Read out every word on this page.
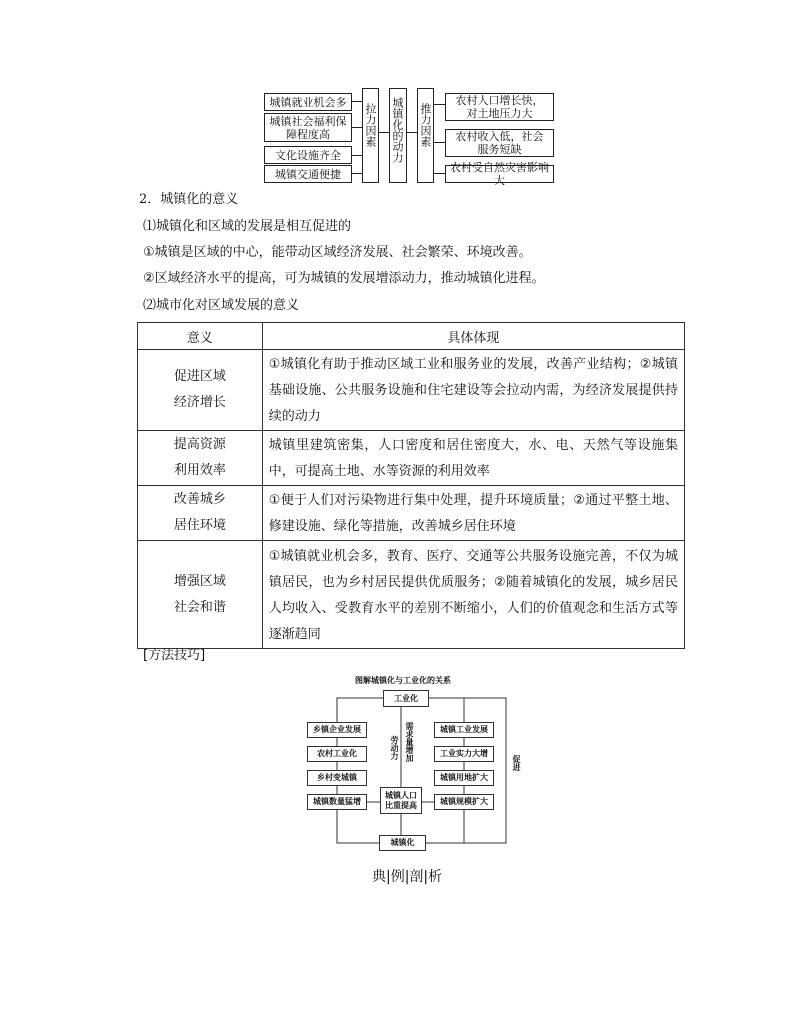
城镇就业机会多
城镇社会福利保障程度高
文化设施齐全
城镇交通便捷
拉力因素 城镇化的动力 推力因素
农村人口增长快，对土地压力大
农村收入低，社会服务短缺
农村受自然灾害影响大
2．城镇化的意义
⑴城镇化和区域的发展是相互促进的
①城镇是区域的中心，能带动区域经济发展、社会繁荣、环境改善。
②区域经济水平的提高，可为城镇的发展增添动力，推动城镇化进程。
⑵城市化对区域发展的意义
意义	具体体现

促进区域
经济增长	①城镇化有助于推动区域工业和服务业的发展，改善产业结构；②城镇基础设施、公共服务设施和住宅建设等会拉动内需，为经济发展提供持续的动力

提高资源
利用效率	城镇里建筑密集，人口密度和居住密度大，水、电、天然气等设施集中，可提高土地、水等资源的利用效率

改善城乡
居住环境	①便于人们对污染物进行集中处理，提升环境质量；②通过平整土地、修建设施、绿化等措施，改善城乡居住环境

增强区域
社会和谐	①城镇就业机会多，教育、医疗、交通等公共服务设施完善，不仅为城镇居民，也为乡村居民提供优质服务；②随着城镇化的发展，城乡居民人均收入、受教育水平的差别不断缩小，人们的价值观念和生活方式等逐渐趋同
[方法技巧]
图解城镇化与工业化的关系
工业化
乡镇企业发展
农村工业化
乡村变城镇
城镇数量猛增
城镇工业发展
工业实力大增
城镇用地扩大
城镇规模扩大
城镇人口比重提高
劳动力 需求量增加
促进
城镇化
典|例|剖|析
